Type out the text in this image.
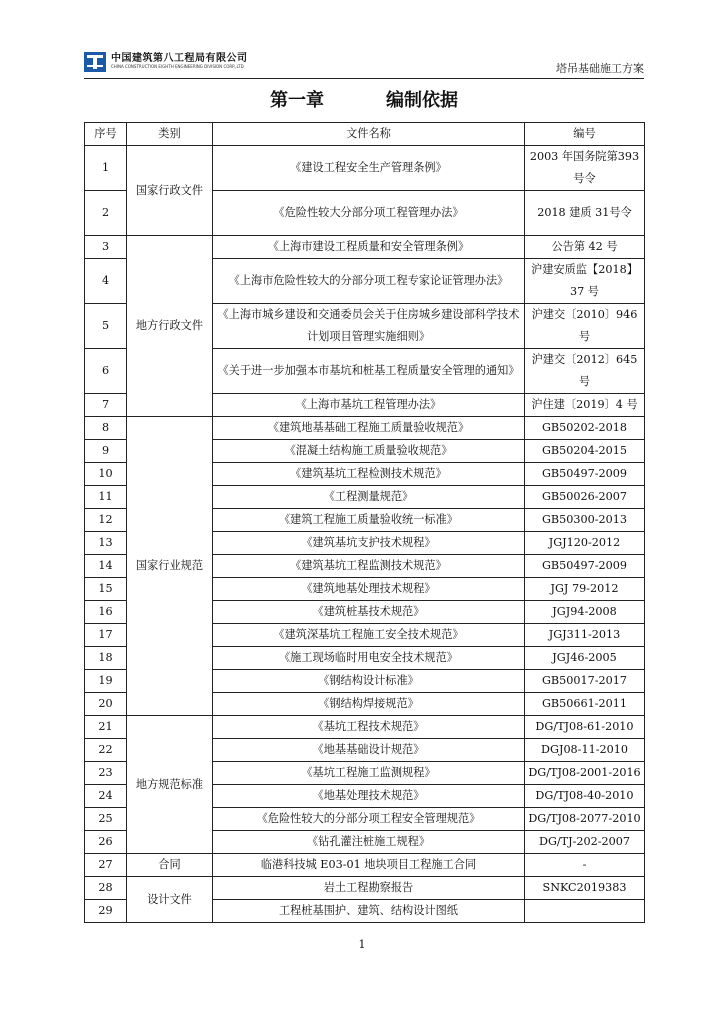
中国建筑第八工程局有限公司
CHINA CONSTRUCTION EIGHTH ENGINEERING DIVISION CORP.,LTD	塔吊基础施工方案
第一章	编制依据
序号	类别	文件名称	编号
1	国家行政文件	《建设工程安全生产管理条例》	2003 年国务院第393 号令
2		《危险性较大分部分项工程管理办法》	2018 建质 31号令
3	地方行政文件	《上海市建设工程质量和安全管理条例》	公告第 42 号
4		《上海市危险性较大的分部分项工程专家论证管理办法》	沪建安质监【2018】37 号
5		《上海市城乡建设和交通委员会关于住房城乡建设部科学技术计划项目管理实施细则》	沪建交〔2010〕946号
6		《关于进一步加强本市基坑和桩基工程质量安全管理的通知》	沪建交〔2012〕645号
7		《上海市基坑工程管理办法》	沪住建〔2019〕4 号
8	国家行业规范	《建筑地基基础工程施工质量验收规范》	GB50202-2018
9		《混凝土结构施工质量验收规范》	GB50204-2015
10		《建筑基坑工程检测技术规范》	GB50497-2009
11		《工程测量规范》	GB50026-2007
12		《建筑工程施工质量验收统一标准》	GB50300-2013
13		《建筑基坑支护技术规程》	JGJ120-2012
14		《建筑基坑工程监测技术规范》	GB50497-2009
15		《建筑地基处理技术规程》	JGJ 79-2012
16		《建筑桩基技术规范》	JGJ94-2008
17		《建筑深基坑工程施工安全技术规范》	JGJ311-2013
18		《施工现场临时用电安全技术规范》	JGJ46-2005
19		《钢结构设计标准》	GB50017-2017
20		《钢结构焊接规范》	GB50661-2011
21	地方规范标准	《基坑工程技术规范》	DG/TJ08-61-2010
22		《地基基础设计规范》	DGJ08-11-2010
23		《基坑工程施工监测规程》	DG/TJ08-2001-2016
24		《地基处理技术规范》	DG/TJ08-40-2010
25		《危险性较大的分部分项工程安全管理规范》	DG/TJ08-2077-2010
26		《钻孔灌注桩施工规程》	DG/TJ-202-2007
27	合同	临港科技城 E03-01 地块项目工程施工合同	-
28	设计文件	岩土工程勘察报告	SNKC2019383
29		工程桩基围护、建筑、结构设计图纸	
1
